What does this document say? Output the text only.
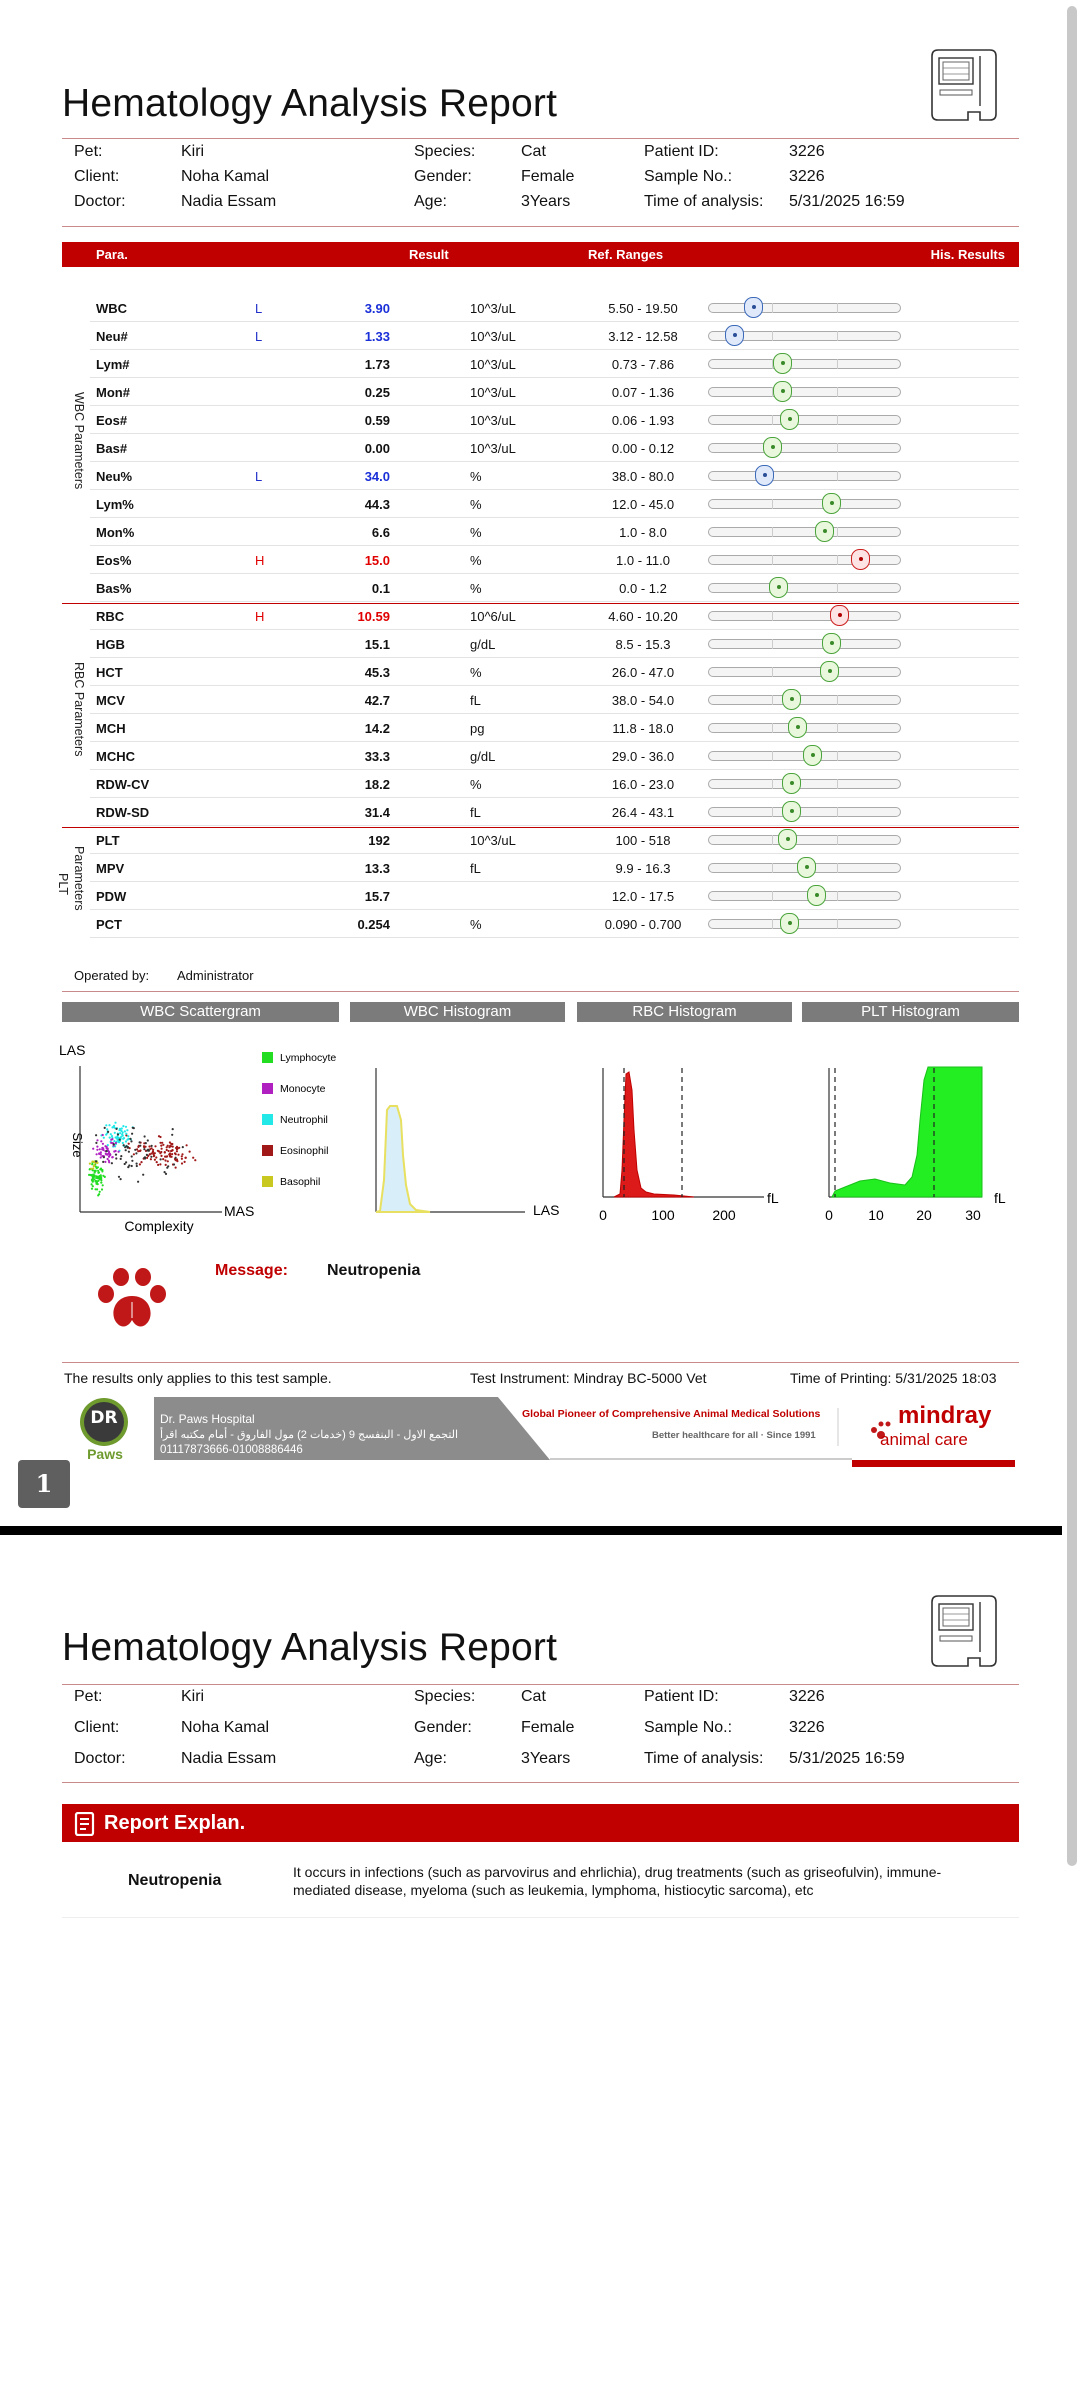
Hematology Analysis Report
Pet:	Kiri	Species:	Cat	Patient ID:	3226
Client:	Noha Kamal	Gender:	Female	Sample No.:	3226
Doctor:	Nadia Essam	Age:	3Years	Time of analysis: 5/31/2025 16:59
Para.	Result	Ref. Ranges	His. Results
WBC Parameters
RBC Parameters
PLT Parameters
WBC	L	3.90	10^3/uL	5.50 - 19.50
Neu#	L	1.33	10^3/uL	3.12 - 12.58
Lym#	1.73	10^3/uL	0.73 - 7.86
Mon#	0.25	10^3/uL	0.07 - 1.36
Eos#	0.59	10^3/uL	0.06 - 1.93
Bas#	0.00	10^3/uL	0.00 - 0.12
Neu%	L	34.0	%	38.0 - 80.0
Lym%	44.3	%	12.0 - 45.0
Mon%	6.6	%	1.0 - 8.0
Eos%	H	15.0	%	1.0 - 11.0
Bas%	0.1	%	0.0 - 1.2
RBC	H	10.59	10^6/uL	4.60 - 10.20
HGB	15.1	g/dL	8.5 - 15.3
HCT	45.3	%	26.0 - 47.0
MCV	42.7	fL	38.0 - 54.0
MCH	14.2	pg	11.8 - 18.0
MCHC	33.3	g/dL	29.0 - 36.0
RDW-CV	18.2	%	16.0 - 23.0
RDW-SD	31.4	fL	26.4 - 43.1
PLT	192	10^3/uL	100 - 518
MPV	13.3	fL	9.9 - 16.3
PDW	15.7	12.0 - 17.5
PCT	0.254	%	0.090 - 0.700
Operated by: Administrator
WBC Scattergram	WBC Histogram	RBC Histogram	PLT Histogram
LAS
Size
MAS
Complexity
Lymphocyte
Monocyte
Neutrophil
Eosinophil
Basophil
LAS	0	100	200
fL
0	10 20 30
fL
Message: Neutropenia
The results only applies to this test sample.	Test Instrument: Mindray BC-5000 Vet	Time of Printing: 5/31/2025 18:03
DR
Paws
Dr. Paws Hospital
التجمع الاول - البنفسج 9 (خدمات 2) مول الفاروق - أمام مكتبه اقرأ
01117873666-01008886446
Global Pioneer of Comprehensive Animal Medical Solutions
Better healthcare for all · Since 1991
mindray
animal care
1
Hematology Analysis Report
Pet:	Kiri	Species:	Cat	Patient ID:	3226
Client:	Noha Kamal	Gender:	Female	Sample No.:	3226
Doctor:	Nadia Essam	Age:	3Years	Time of analysis: 5/31/2025 16:59
Report Explan.
Neutropenia	It occurs in infections (such as parvovirus and ehrlichia), drug treatments (such as griseofulvin), immune-
mediated disease, myeloma (such as leukemia, lymphoma, histiocytic sarcoma), etc
